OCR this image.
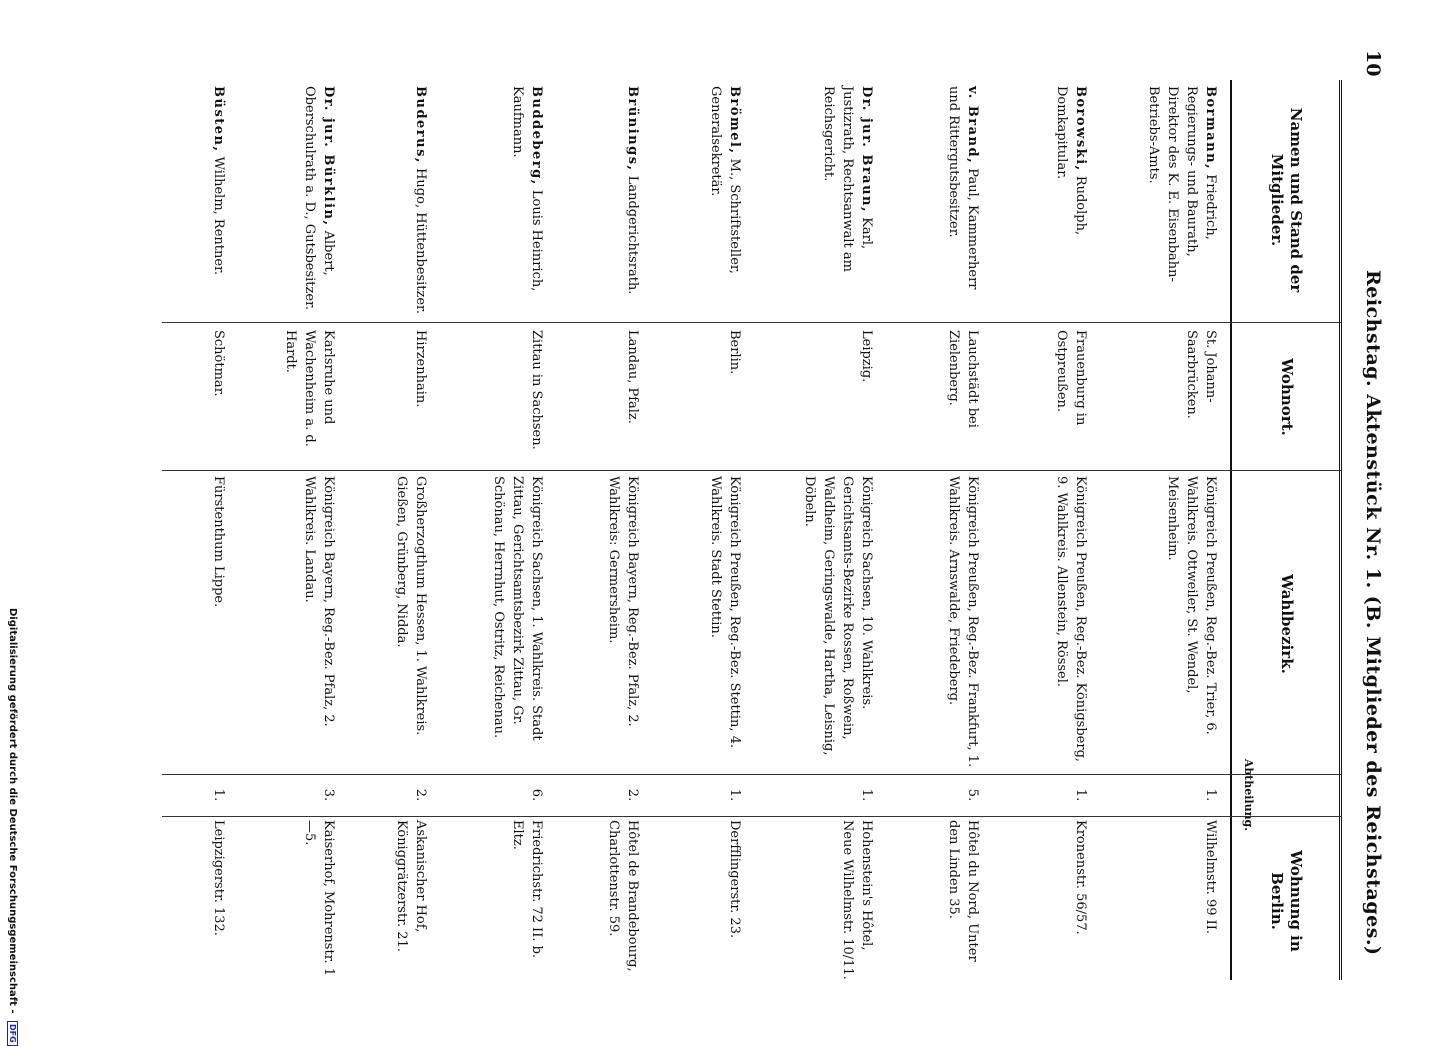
Digitalisierung gefördert durch die Deutsche Forschungsgemeinschaft - DFG
10
Reichstag. Aktenstück Nr. 1. (B. Mitglieder des Reichstages.)
Namen und Stand der Mitglieder.
Wohnort.
Wahlbezirk.
Abtheilung.
Wohnung in Berlin.
Bormann, Friedrich, Regierungs- und Baurath, Direktor des K. E. Eisenbahn-Betriebs-Amts.
St. Johann-Saarbrücken.
Königreich Preußen, Reg.-Bez. Trier, 6. Wahlkreis. Ottweiler, St. Wendel, Meisenheim.
1.
Wilhelmstr. 99 II.
Borowski, Rudolph, Domkapitular.
Frauenburg in Ostpreußen.
Königreich Preußen, Reg.-Bez. Königsberg, 9. Wahlkreis. Allenstein, Rössel.
1.
Kronenstr. 56/57.
v. Brand, Paul, Kammerherr und Rittergutsbesitzer.
Lauchstädt bei Zielenberg.
Königreich Preußen, Reg.-Bez. Frankfurt, 1. Wahlkreis. Arnswalde, Friedeberg.
5.
Hôtel du Nord, Unter den Linden 35.
Dr. jur. Braun, Karl, Justizrath, Rechtsanwalt am Reichsgericht.
Leipzig.
Königreich Sachsen, 10. Wahlkreis. Gerichtsamts-Bezirke Rossen, Roßwein, Waldheim, Geringswalde, Hartha, Leisnig, Döbeln.
1.
Hohenstein's Hôtel, Neue Wilhelmstr. 10/11.
Brömel, M., Schriftsteller, Generalsekretär.
Berlin.
Königreich Preußen, Reg.-Bez. Stettin, 4. Wahlkreis. Stadt Stettin.
1.
Derfflingerstr. 23.
Brünings, Landgerichtsrath.
Landau, Pfalz.
Königreich Bayern, Reg.-Bez. Pfalz, 2. Wahlkreis: Germersheim.
2.
Hôtel de Brandebourg, Charlottenstr. 59.
Buddeberg, Louis Heinrich, Kaufmann.
Zittau in Sachsen.
Königreich Sachsen, 1. Wahlkreis. Stadt Zittau, Gerichtsamtsbezirk Zittau, Gr. Schönau, Herrnhut, Ostritz, Reichenau.
6.
Friedrichstr. 72 II. b. Eltz.
Buderus, Hugo, Hüttenbesitzer.
Hirzenhain.
Großherzogthum Hessen, 1. Wahlkreis. Gießen, Grünberg, Nidda.
2.
Askanischer Hof, Königgrätzerstr. 21.
Dr. jur. Bürklin, Albert, Oberschulrath a. D., Gutsbesitzer.
Karlsruhe und Wachenheim a. d. Hardt.
Königreich Bayern, Reg.-Bez. Pfalz, 2. Wahlkreis. Landau.
3.
Kaiserhof, Mohrenstr. 1—5.
Büsten, Wilhelm, Rentner.
Schötmar.
Fürstenthum Lippe.
1.
Leipzigerstr. 132.
